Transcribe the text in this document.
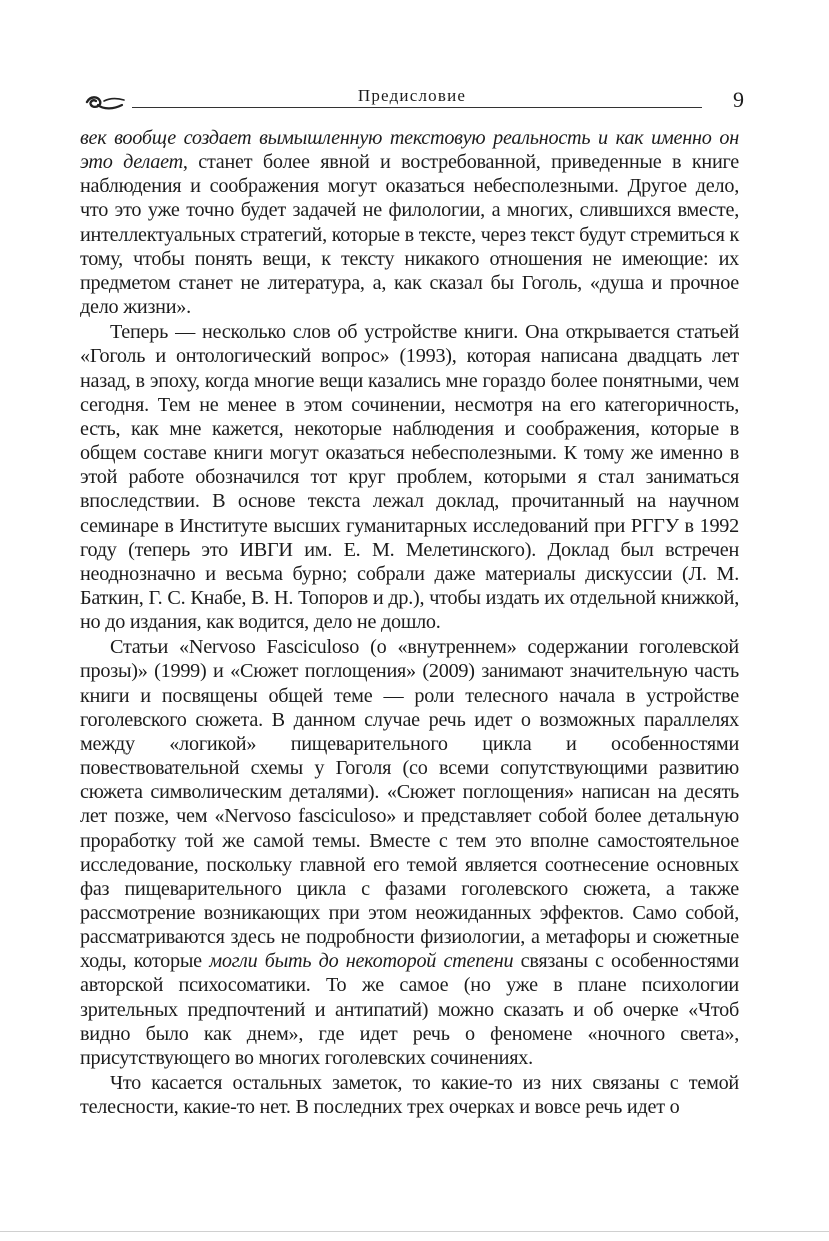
Предисловие	9

век вообще создает вымышленную текстовую реальность и как именно он это делает, станет более явной и востребованной, приведенные в книге наблюдения и соображения могут оказаться небесполезными. Другое дело, что это уже точно будет задачей не филологии, а многих, слившихся вместе, интеллектуальных стратегий, которые в тексте, через текст будут стремиться к тому, чтобы понять вещи, к тексту никакого отношения не имеющие: их предметом станет не литература, а, как сказал бы Гоголь, «душа и прочное дело жизни».

Теперь — несколько слов об устройстве книги. Она открывается статьей «Гоголь и онтологический вопрос» (1993), которая написана двадцать лет назад, в эпоху, когда многие вещи казались мне гораздо более понятными, чем сегодня. Тем не менее в этом сочинении, несмотря на его категоричность, есть, как мне кажется, некоторые наблюдения и соображения, которые в общем составе книги могут оказаться небесполезными. К тому же именно в этой работе обозначился тот круг проблем, которыми я стал заниматься впоследствии. В основе текста лежал доклад, прочитанный на научном семинаре в Институте высших гуманитарных исследований при РГГУ в 1992 году (теперь это ИВГИ им. Е. М. Мелетинского). Доклад был встречен неоднозначно и весьма бурно; собрали даже материалы дискуссии (Л. М. Баткин, Г. С. Кнабе, В. Н. Топоров и др.), чтобы издать их отдельной книжкой, но до издания, как водится, дело не дошло.

Статьи «Nervoso Fasciculoso (о «внутреннем» содержании гоголевской прозы)» (1999) и «Сюжет поглощения» (2009) занимают значительную часть книги и посвящены общей теме — роли телесного начала в устройстве гоголевского сюжета. В данном случае речь идет о возможных параллелях между «логикой» пищеварительного цикла и особенностями повествовательной схемы у Гоголя (со всеми сопутствующими развитию сюжета символическим деталями). «Сюжет поглощения» написан на десять лет позже, чем «Nervoso fasciculoso» и представляет собой более детальную проработку той же самой темы. Вместе с тем это вполне самостоятельное исследование, поскольку главной его темой является соотнесение основных фаз пищеварительного цикла с фазами гоголевского сюжета, а также рассмотрение возникающих при этом неожиданных эффектов. Само собой, рассматриваются здесь не подробности физиологии, а метафоры и сюжетные ходы, которые могли быть до некоторой степени связаны с особенностями авторской психосоматики. То же самое (но уже в плане психологии зрительных предпочтений и антипатий) можно сказать и об очерке «Чтоб видно было как днем», где идет речь о феномене «ночного света», присутствующего во многих гоголевских сочинениях.

Что касается остальных заметок, то какие-то из них связаны с темой телесности, какие-то нет. В последних трех очерках и вовсе речь идет о
